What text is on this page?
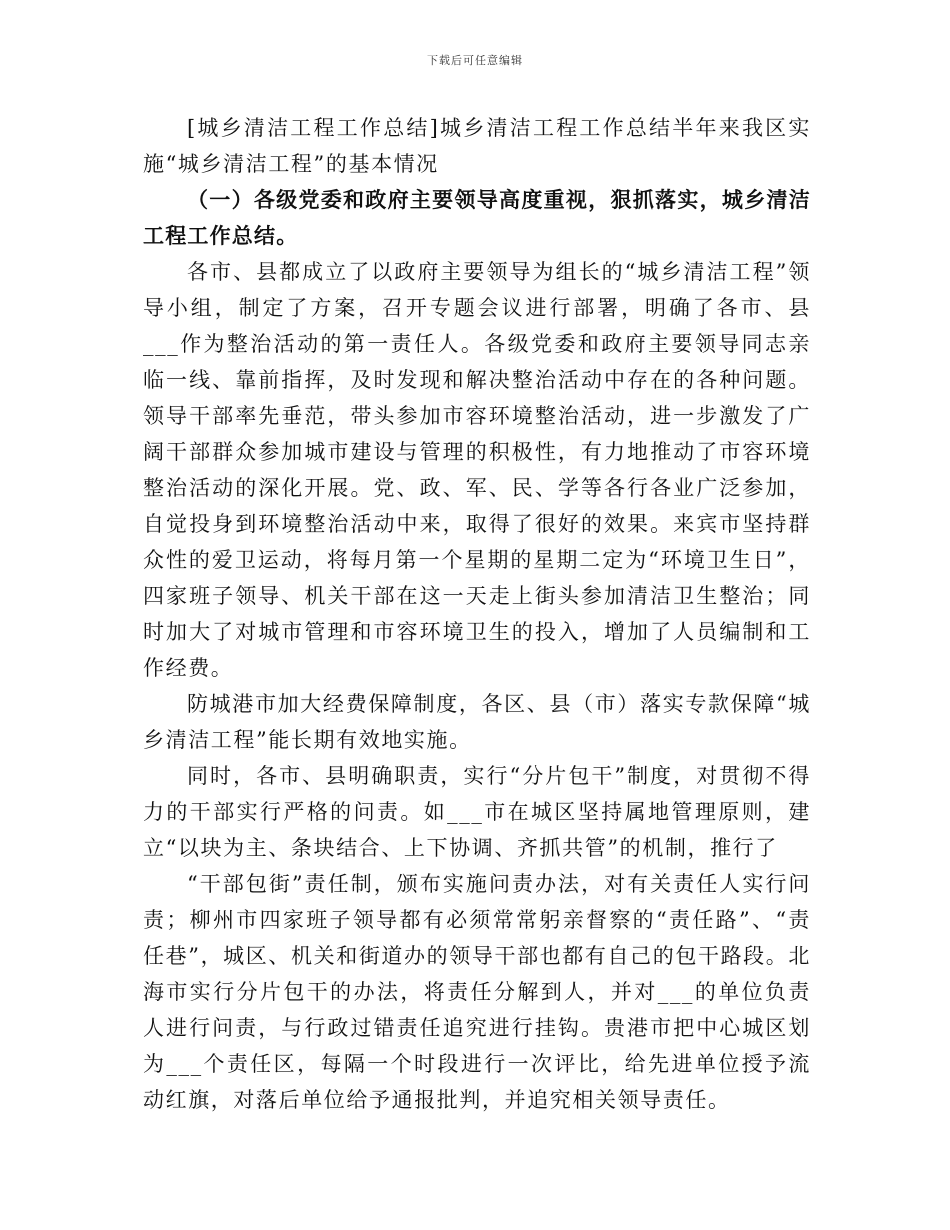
下载后可任意编辑

[城乡清洁工程工作总结]城乡清洁工程工作总结半年来我区实施“城乡清洁工程”的基本情况

（一）各级党委和政府主要领导高度重视，狠抓落实，城乡清洁工程工作总结。

各市、县都成立了以政府主要领导为组长的“城乡清洁工程”领导小组，制定了方案，召开专题会议进行部署，明确了各市、县___作为整治活动的第一责任人。各级党委和政府主要领导同志亲临一线、靠前指挥，及时发现和解决整治活动中存在的各种问题。领导干部率先垂范，带头参加市容环境整治活动，进一步激发了广阔干部群众参加城市建设与管理的积极性，有力地推动了市容环境整治活动的深化开展。党、政、军、民、学等各行各业广泛参加，自觉投身到环境整治活动中来，取得了很好的效果。来宾市坚持群众性的爱卫运动，将每月第一个星期的星期二定为“环境卫生日”，四家班子领导、机关干部在这一天走上街头参加清洁卫生整治；同时加大了对城市管理和市容环境卫生的投入，增加了人员编制和工作经费。

防城港市加大经费保障制度，各区、县（市）落实专款保障“城乡清洁工程”能长期有效地实施。

同时，各市、县明确职责，实行“分片包干”制度，对贯彻不得力的干部实行严格的问责。如___市在城区坚持属地管理原则，建立“以块为主、条块结合、上下协调、齐抓共管”的机制，推行了

“干部包街”责任制，颁布实施问责办法，对有关责任人实行问责；柳州市四家班子领导都有必须常常躬亲督察的“责任路”、“责任巷”，城区、机关和街道办的领导干部也都有自己的包干路段。北海市实行分片包干的办法，将责任分解到人，并对___的单位负责人进行问责，与行政过错责任追究进行挂钩。贵港市把中心城区划为___个责任区，每隔一个时段进行一次评比，给先进单位授予流动红旗，对落后单位给予通报批判，并追究相关领导责任。
